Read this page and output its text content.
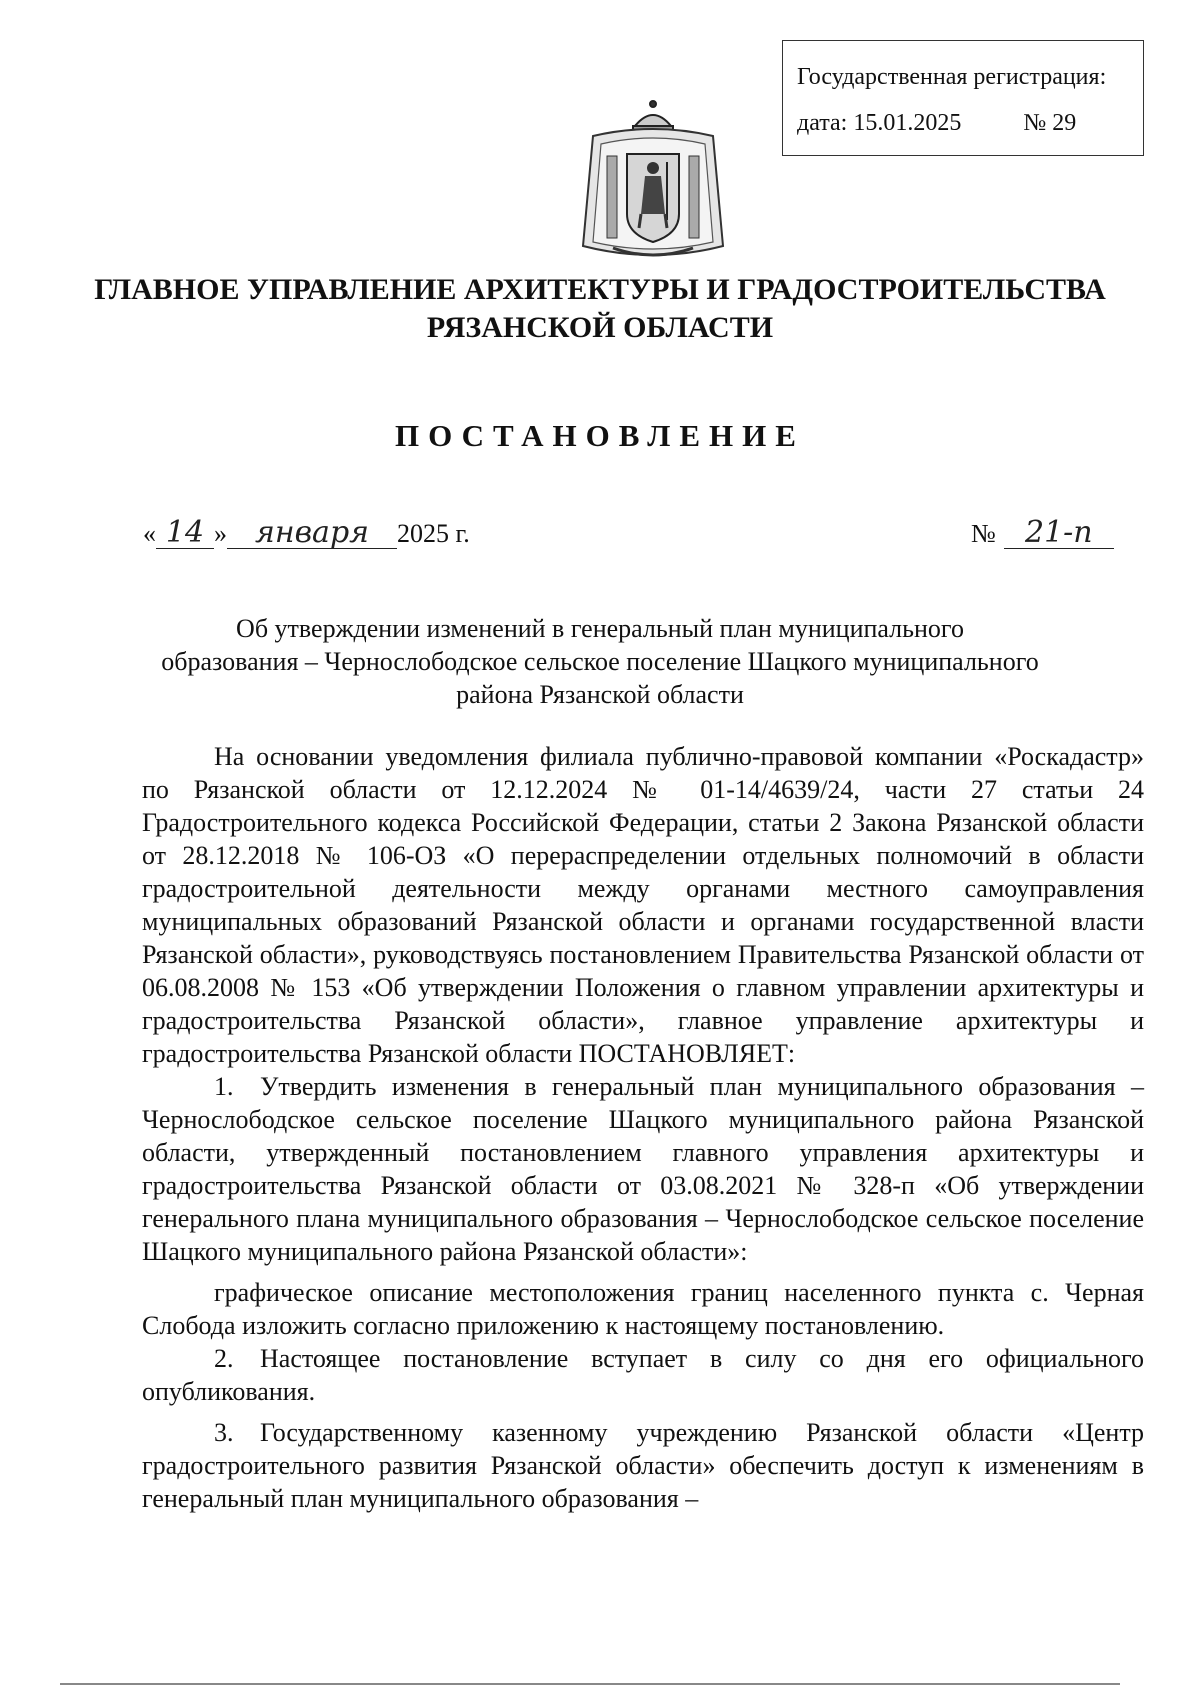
Государственная регистрация:
дата: 15.01.2025	№ 29
ГЛАВНОЕ УПРАВЛЕНИЕ АРХИТЕКТУРЫ И ГРАДОСТРОИТЕЛЬСТВА
РЯЗАНСКОЙ ОБЛАСТИ
ПОСТАНОВЛЕНИЕ
« 14 » января	2025 г.	№ 21-п
Об утверждении изменений в генеральный план муниципального
образования – Чернослободское сельское поселение Шацкого муниципального
района Рязанской области

На основании уведомления филиала публично-правовой компании «Роскадастр» по Рязанской области от 12.12.2024 № 01-14/4639/24, части 27 статьи 24 Градостроительного кодекса Российской Федерации, статьи 2 Закона Рязанской области от 28.12.2018 № 106-ОЗ «О перераспределении отдельных полномочий в области градостроительной деятельности между органами местного самоуправления муниципальных образований Рязанской области и органами государственной власти Рязанской области», руководствуясь постановлением Правительства Рязанской области от 06.08.2008 № 153 «Об утверждении Положения о главном управлении архитектуры и градостроительства Рязанской области», главное управление архитектуры и градостроительства Рязанской области ПОСТАНОВЛЯЕТ:

1. Утвердить изменения в генеральный план муниципального образования – Чернослободское сельское поселение Шацкого муниципального района Рязанской области, утвержденный постановлением главного управления архитектуры и градостроительства Рязанской области от 03.08.2021 № 328-п «Об утверждении генерального плана муниципального образования – Чернослободское сельское поселение Шацкого муниципального района Рязанской области»:

графическое описание местоположения границ населенного пункта с. Черная Слобода изложить согласно приложению к настоящему постановлению.

2. Настоящее постановление вступает в силу со дня его официального опубликования.

3. Государственному казенному учреждению Рязанской области «Центр градостроительного развития Рязанской области» обеспечить доступ к изменениям в генеральный план муниципального образования –
